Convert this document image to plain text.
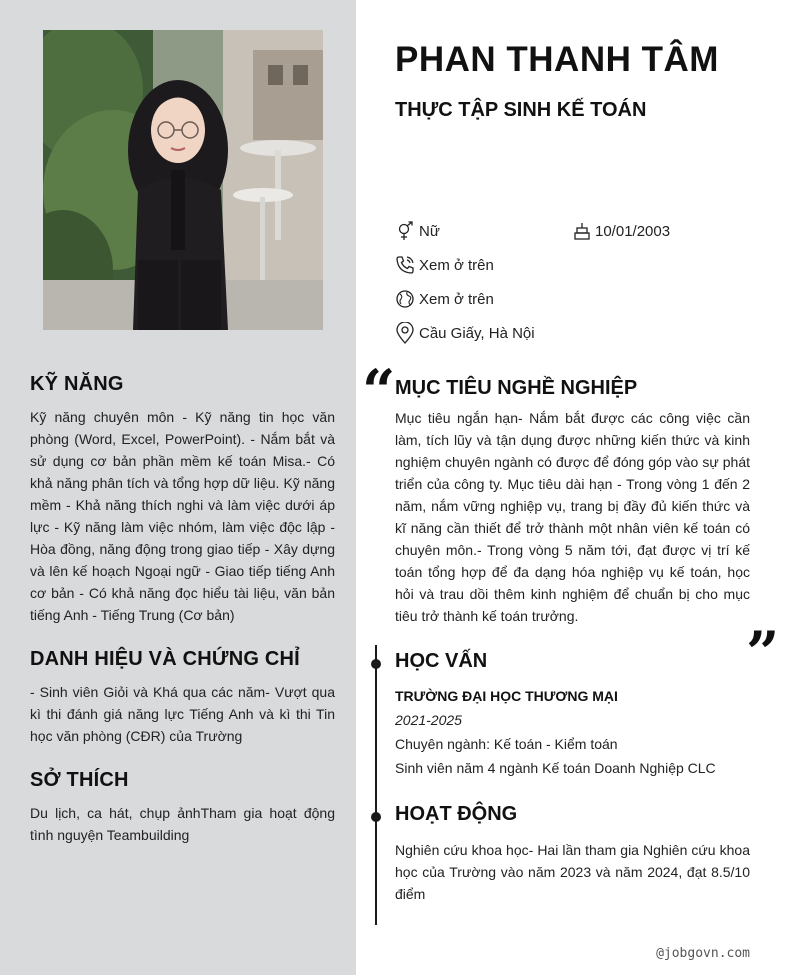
KỸ NĂNG
Kỹ năng chuyên môn - Kỹ năng tin học văn phòng (Word, Excel, PowerPoint). - Nắm bắt và sử dụng cơ bản phần mềm kế toán Misa.- Có khả năng phân tích và tổng hợp dữ liệu. Kỹ năng mềm - Khả năng thích nghi và làm việc dưới áp lực - Kỹ năng làm việc nhóm, làm việc độc lập - Hòa đồng, năng động trong giao tiếp - Xây dựng và lên kế hoạch Ngoại ngữ - Giao tiếp tiếng Anh cơ bản - Có khả năng đọc hiểu tài liệu, văn bản tiếng Anh - Tiếng Trung (Cơ bản)
DANH HIỆU VÀ CHỨNG CHỈ
- Sinh viên Giỏi và Khá qua các năm- Vượt qua kì thi đánh giá năng lực Tiếng Anh và kì thi Tin học văn phòng (CĐR) của Trường
SỞ THÍCH
Du lịch, ca hát, chụp ảnhTham gia hoạt động tình nguyện Teambuilding
PHAN THANH TÂM
THỰC TẬP SINH KẾ TOÁN
Nữ	10/01/2003
Xem ở trên
Xem ở trên
Cầu Giấy, Hà Nội
“ MỤC TIÊU NGHỀ NGHIỆP
Mục tiêu ngắn hạn- Nắm bắt được các công việc cần làm, tích lũy và tận dụng được những kiến thức và kinh nghiệm chuyên ngành có được để đóng góp vào sự phát triển của công ty. Mục tiêu dài hạn - Trong vòng 1 đến 2 năm, nắm vững nghiệp vụ, trang bị đầy đủ kiến thức và kĩ năng cần thiết để trở thành một nhân viên kế toán có chuyên môn.- Trong vòng 5 năm tới, đạt được vị trí kế toán tổng hợp để đa dạng hóa nghiệp vụ kế toán, học hỏi và trau dồi thêm kinh nghiệm để chuẩn bị cho mục tiêu trở thành kế toán trưởng.
”
HỌC VẤN
TRƯỜNG ĐẠI HỌC THƯƠNG MẠI
2021-2025
Chuyên ngành: Kế toán - Kiểm toán
Sinh viên năm 4 ngành Kế toán Doanh Nghiệp CLC
HOẠT ĐỘNG
Nghiên cứu khoa học- Hai lần tham gia Nghiên cứu khoa học của Trường vào năm 2023 và năm 2024, đạt 8.5/10 điểm
@jobgovn.com
